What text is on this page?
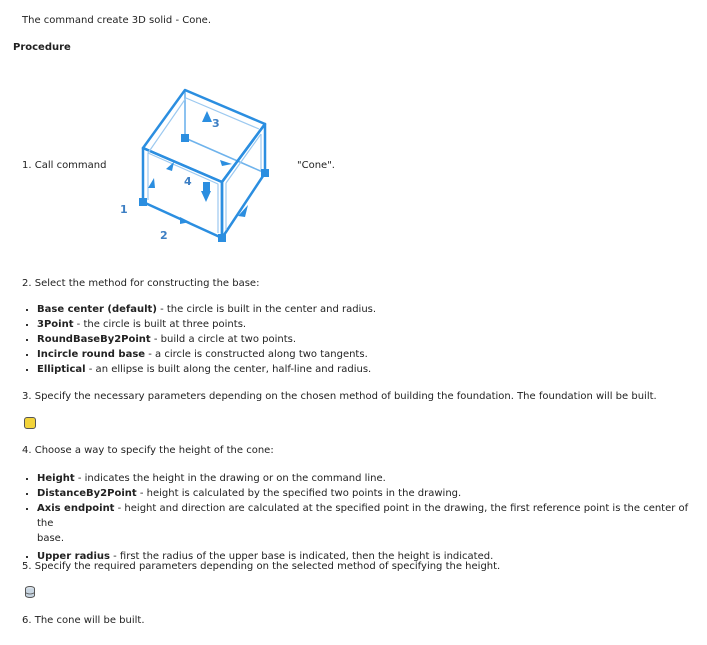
The command create 3D solid - Cone.
Procedure
1. Call command	"Cone".
1
2
3
4
2. Select the method for constructing the base:
Base center (default) - the circle is built in the center and radius.
3Point - the circle is built at three points.
RoundBaseBy2Point - build a circle at two points.
Incircle round base - a circle is constructed along two tangents.
Elliptical - an ellipse is built along the center, half-line and radius.
3. Specify the necessary parameters depending on the chosen method of building the foundation. The foundation will be built.
4. Choose a way to specify the height of the cone:
Height - indicates the height in the drawing or on the command line.
DistanceBy2Point - height is calculated by the specified two points in the drawing.
Axis endpoint - height and direction are calculated at the specified point in the drawing, the first reference point is the center of the
base.
Upper radius - first the radius of the upper base is indicated, then the height is indicated.
5. Specify the required parameters depending on the selected method of specifying the height.
6. The cone will be built.
